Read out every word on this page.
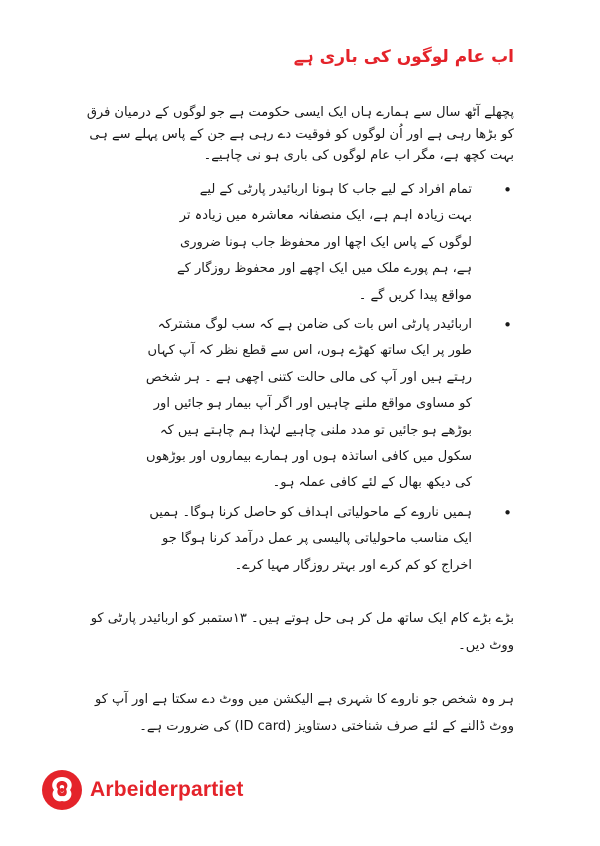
اب عام لوگوں کی باری ہے
پچھلے آٹھ سال سے ہمارے ہاں ایک ایسی حکومت ہے جو لوگوں کے درمیان فرق کو بڑھا رہی ہے اور اُن لوگوں کو فوقیت دے رہی ہے جن کے پاس پہلے سے ہی بہت کچھ ہے، مگر اب عام لوگوں کی باری ہو نی چاہیے۔
•
تمام افراد کے لیے جاب کا ہونا اربائیدر پارٹی کے لیے بہت زیادہ اہم ہے، ایک منصفانہ معاشرہ میں زیادہ تر لوگوں کے پاس ایک اچھا اور محفوظ جاب ہونا ضروری ہے، ہم پورے ملک میں ایک اچھے اور محفوظ روزگار کے مواقع پیدا کریں گے ۔
•
اربائیدر پارٹی اس بات کی ضامن ہے کہ سب لوگ مشترکہ طور پر ایک ساتھ کھڑے ہوں، اس سے قطع نظر کہ آپ کہاں رہتے ہیں اور آپ کی مالی حالت کتنی اچھی ہے ۔ ہر شخص کو مساوی مواقع ملنے چاہیں اور اگر آپ بیمار ہو جائیں اور بوڑھے ہو جائیں تو مدد ملنی چاہیے لہٰذا ہم چاہتے ہیں کہ سکول میں کافی اساتذہ ہوں اور ہمارے بیماروں اور بوڑھوں کی دیکھ بھال کے لئے کافی عملہ ہو۔
•
ہمیں ناروے کے ماحولیاتی اہداف کو حاصل کرنا ہوگا۔ ہمیں ایک مناسب ماحولیاتی پالیسی پر عمل درآمد کرنا ہوگا جو اخراج کو کم کرے اور بہتر روزگار مہیا کرے۔
بڑے بڑے کام ایک ساتھ مل کر ہی حل ہوتے ہیں۔ ۱۳ستمبر کو اربائیدر پارٹی کو ووٹ دیں۔
ہر وہ شخص جو ناروے کا شہری ہے الیکشن میں ووٹ دے سکتا ہے اور آپ کو ووٹ ڈالنے کے لئے صرف شناختی دستاویز (ID card) کی ضرورت ہے۔
Arbeiderpartiet
